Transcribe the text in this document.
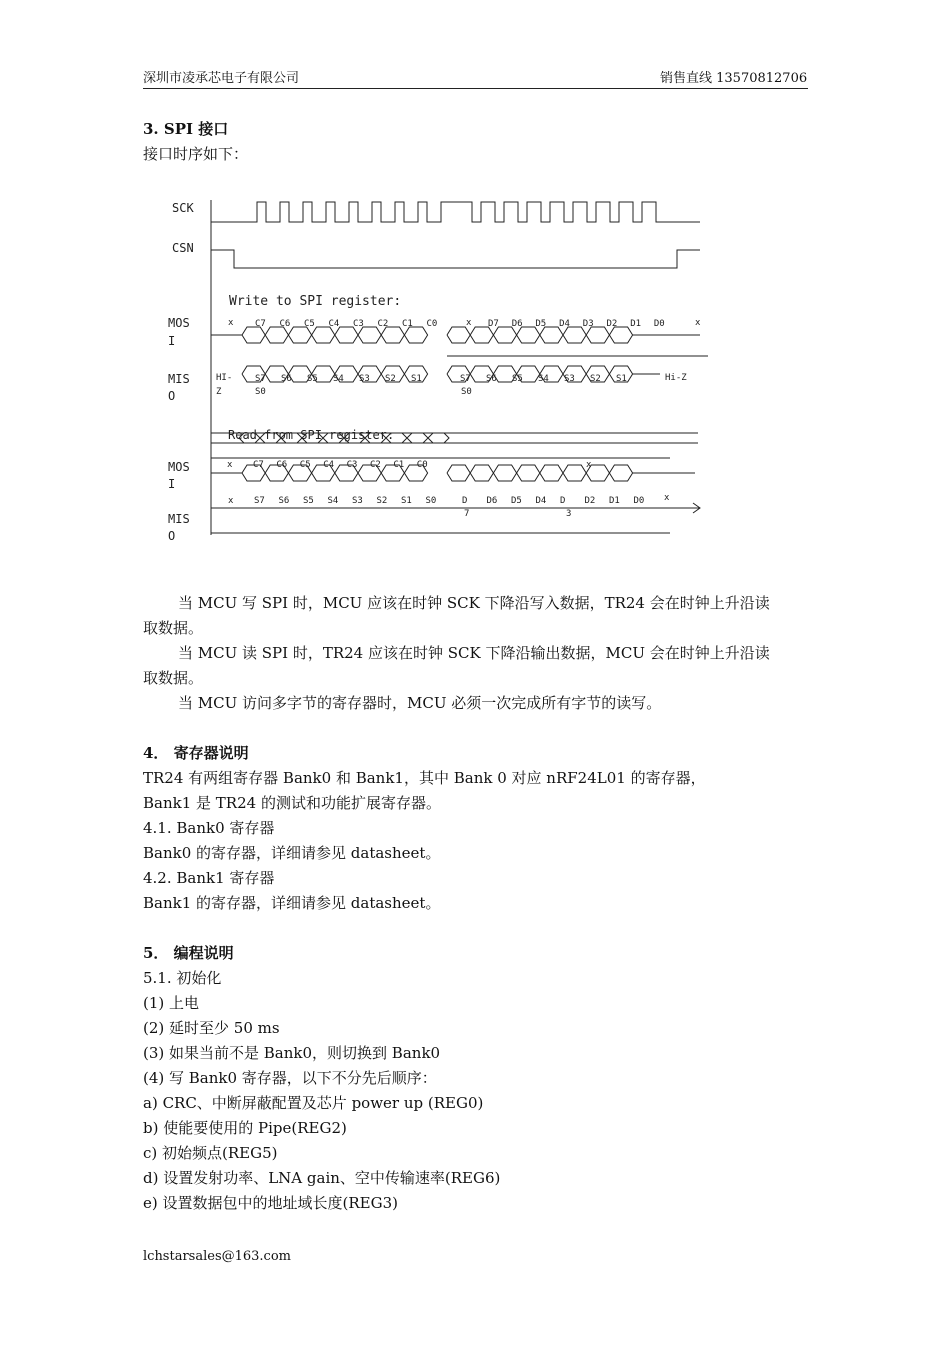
深圳市凌承芯电子有限公司	销售直线 13570812706
3. SPI 接口
接口时序如下：
SCK
CSN
Write to SPI register:
MOS
I
MIS
O
Read from SPI register:
MOS
I
MIS
O
x C7 C6 C5 C4 C3 C2 C1 C0	x D7 D6 D5 D4 D3 D2 D1 D0	x
S7 S6 S5 S4 S3 S2 S1	S7 S6 S5 S4 S3 S2 S1
HI-
Z	S0	S0
Hi-Z
C7 C6 C5 C4 C3 C2 C1 C0
x	x
S7 S6 S5 S4 S3 S2 S1 S0	D D6 D5 D4 D D2 D1 D0
x
7	3
x
当 MCU 写 SPI 时，MCU 应该在时钟 SCK 下降沿写入数据，TR24 会在时钟上升沿读
取数据。
当 MCU 读 SPI 时，TR24 应该在时钟 SCK 下降沿输出数据，MCU 会在时钟上升沿读
取数据。
当 MCU 访问多字节的寄存器时，MCU 必须一次完成所有字节的读写。
4． 寄存器说明
TR24 有两组寄存器 Bank0 和 Bank1，其中 Bank 0 对应 nRF24L01 的寄存器，
Bank1 是 TR24 的测试和功能扩展寄存器。
4.1. Bank0 寄存器
Bank0 的寄存器，详细请参见 datasheet。
4.2. Bank1 寄存器
Bank1 的寄存器，详细请参见 datasheet。
5． 编程说明
5.1. 初始化
(1) 上电
(2) 延时至少 50 ms
(3) 如果当前不是 Bank0，则切换到 Bank0
(4) 写 Bank0 寄存器，以下不分先后顺序：
a) CRC、中断屏蔽配置及芯片 power up (REG0)
b) 使能要使用的 Pipe(REG2)
c) 初始频点(REG5)
d) 设置发射功率、LNA gain、空中传输速率(REG6)
e) 设置数据包中的地址域长度(REG3)
lchstarsales@163.com
